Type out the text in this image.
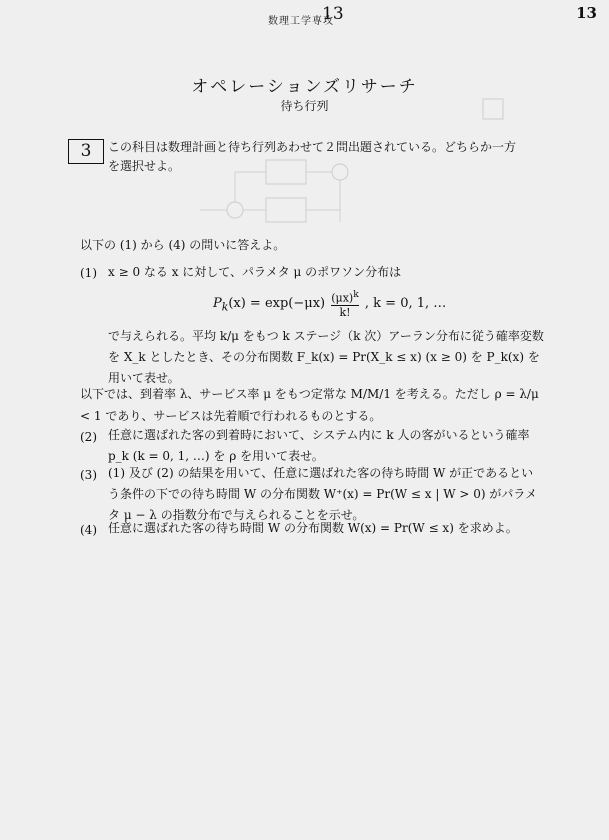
数理工学専攻
13	13
オペレーションズリサーチ
待ち行列
3	この科目は数理計画と待ち行列あわせて２問出題されている。どちらか一方を選択せよ。
以下の (1) から (4) の問いに答えよ。
(1) x ≥ 0 なる x に対して、パラメタ μ のポワソン分布は
$P_k(x) = \exp(-\mu x) \frac{(\mu x)^k}{k!}$ , k = 0, 1, …
で与えられる。平均 k/μ をもつ k ステージ（k 次）アーラン分布に従う確率変数を X_k としたとき、その分布関数 F_k(x) = Pr(X_k ≤ x) (x ≥ 0) を P_k(x) を用いて表せ。
以下では、到着率 λ、サービス率 μ をもつ定常な M/M/1 を考える。ただし ρ = λ/μ < 1 であり、サービスは先着順で行われるものとする。
(2) 任意に選ばれた客の到着時において、システム内に k 人の客がいるという確率 p_k (k = 0, 1, …) を ρ を用いて表せ。
(3) (1) 及び (2) の結果を用いて、任意に選ばれた客の待ち時間 W が正であるという条件の下での待ち時間 W の分布関数 W⁺(x) = Pr(W ≤ x | W > 0) がパラメタ μ − λ の指数分布で与えられることを示せ。
(4) 任意に選ばれた客の待ち時間 W の分布関数 W(x) = Pr(W ≤ x) を求めよ。
